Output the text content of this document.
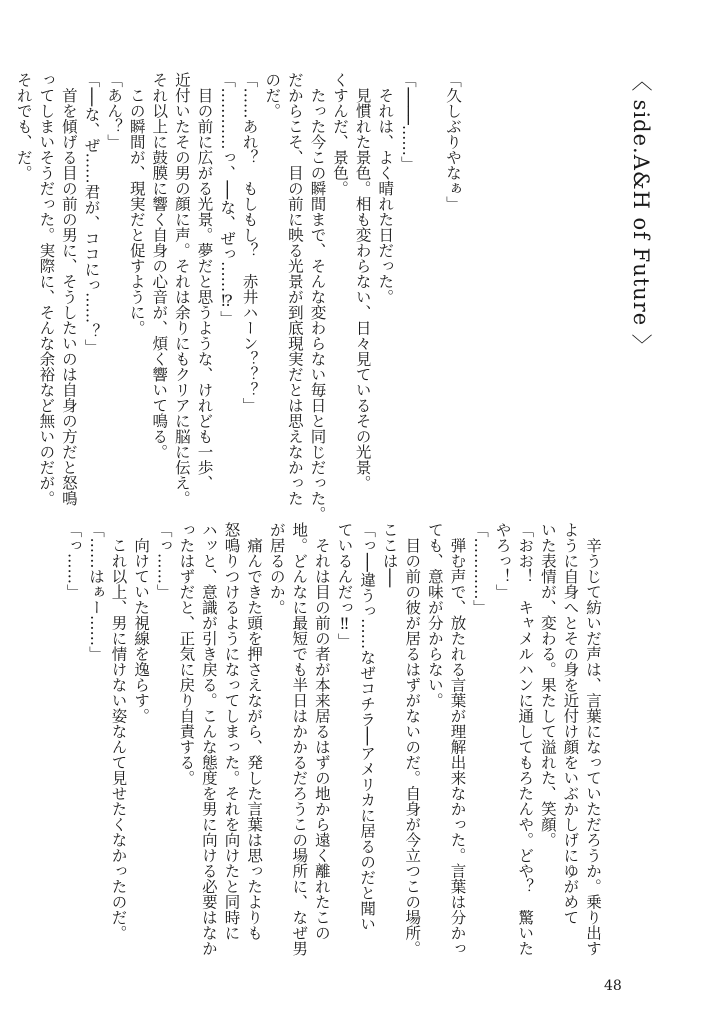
〈 side.A&H of Future 〉
「久しぶりやなぁ」

「────……」
　それは、よく晴れた日だった。
　見慣れた景色。相も変わらない、日々見ているその光景。
くすんだ、景色。
　たった今この瞬間まで、そんな変わらない毎日と同じだった。
だからこそ、目の前に映る光景が到底現実だとは思えなかった
のだ。
「……あれ？　もしもし？　赤井ハーン？？？」
「…………っ、──な、ぜっ……⁉」
　目の前に広がる光景。夢だと思うような、けれども一歩、
近付いたその男の顔に声。それは余りにもクリアに脳に伝え。
それ以上に鼓膜に響く自身の心音が、煩く響いて鳴る。
　この瞬間が、現実だと促すように。
「あん？」
「──な、ぜ……君が、ココにっ……？」
　首を傾げる目の前の男に、そうしたいのは自身の方だと怒鳴
ってしまいそうだった。実際に、そんな余裕など無いのだが。
それでも、だ。
　辛うじて紡いだ声は、言葉になっていただろうか。乗り出す
ように自身へとその身を近付け顔をいぶかしげにゆがめて
いた表情が、変わる。果たして溢れた、笑顔。
「おお！　キャメルハンに通してもろたんや。どや？　驚いた
やろっ！」
「…………」
　弾む声で、放たれる言葉が理解出来なかった。言葉は分かっ
ても、意味が分からない。
　目の前の彼が居るはずがないのだ。自身が今立つこの場所。
ここは──
「っ──違うっ……なぜコチラ──アメリカに居るのだと聞い
ているんだっ‼」
　それは目の前の者が本来居るはずの地から遠く離れたこの
地。どんなに最短でも半日はかかるだろうこの場所に、なぜ男
が居るのか。
　痛んできた頭を押さえながら、発した言葉は思ったよりも
怒鳴りつけるようになってしまった。それを向けたと同時に
ハッと、意識が引き戻る。こんな態度を男に向ける必要はなか
ったはずだと、正気に戻り自責する。
「っ……」
　向けていた視線を逸らす。
　これ以上、男に情けない姿なんて見せたくなかったのだ。
「……はぁー……」
「っ……」
48
